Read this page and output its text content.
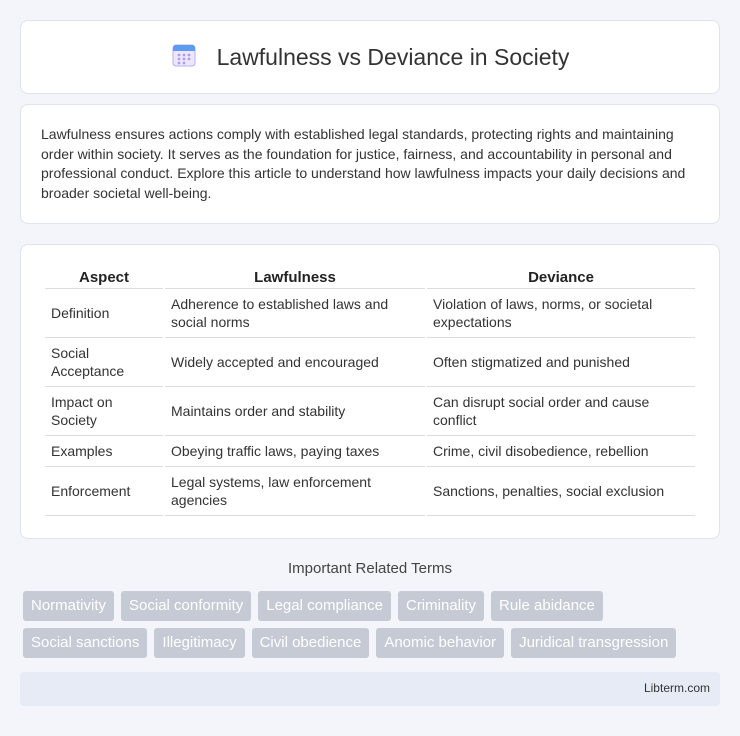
Lawfulness vs Deviance in Society

Lawfulness ensures actions comply with established legal standards, protecting rights and maintaining order within society. It serves as the foundation for justice, fairness, and accountability in personal and professional conduct. Explore this article to understand how lawfulness impacts your daily decisions and broader societal well-being.

Aspect	Lawfulness	Deviance
Definition	Adherence to established laws and social norms	Violation of laws, norms, or societal expectations
Social Acceptance	Widely accepted and encouraged	Often stigmatized and punished
Impact on Society	Maintains order and stability	Can disrupt social order and cause conflict
Examples	Obeying traffic laws, paying taxes	Crime, civil disobedience, rebellion
Enforcement	Legal systems, law enforcement agencies	Sanctions, penalties, social exclusion
Important Related Terms
Normativity	Social conformity	Legal compliance	Criminality	Rule abidance
Social sanctions	Illegitimacy	Civil obedience	Anomic behavior	Juridical transgression
Libterm.com
